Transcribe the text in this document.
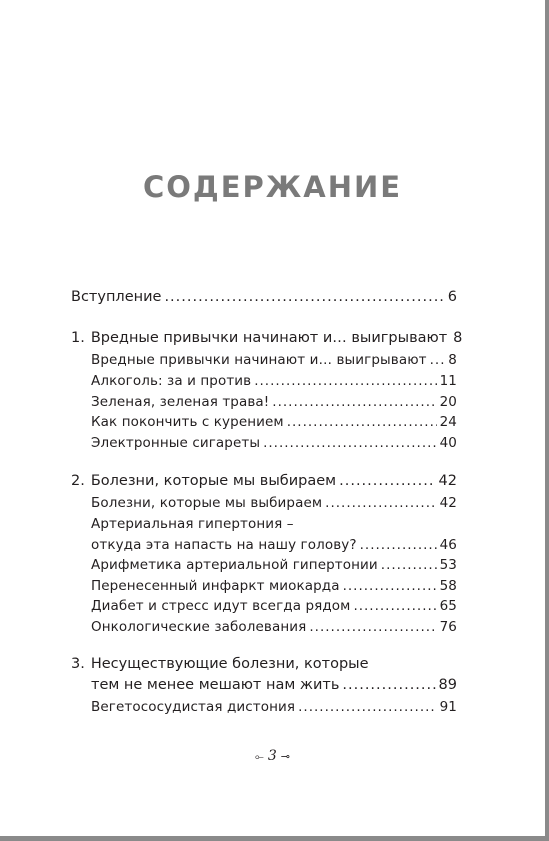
СОДЕРЖАНИЕ
Вступление .....	6
1. Вредные привычки начинают и… выигрывают 8
Вредные привычки начинают и… выигрывают ..... 8
Алкоголь: за и против .....	11
Зеленая, зеленая трава! .....	20
Как покончить с курением .....	24
Электронные сигареты .....	40
2. Болезни, которые мы выбираем .....	42
Болезни, которые мы выбираем .....	42
Артериальная гипертония –
откуда эта напасть на нашу голову? .....	46
Арифметика артериальной гипертонии .....	53
Перенесенный инфаркт миокарда .....	58
Диабет и стресс идут всегда рядом .....	65
Онкологические заболевания .....	76
3. Несуществующие болезни, которые
тем не менее мешают нам жить .....	89
Вегетососудистая дистония .....	91
⟜ 3 ⊸
